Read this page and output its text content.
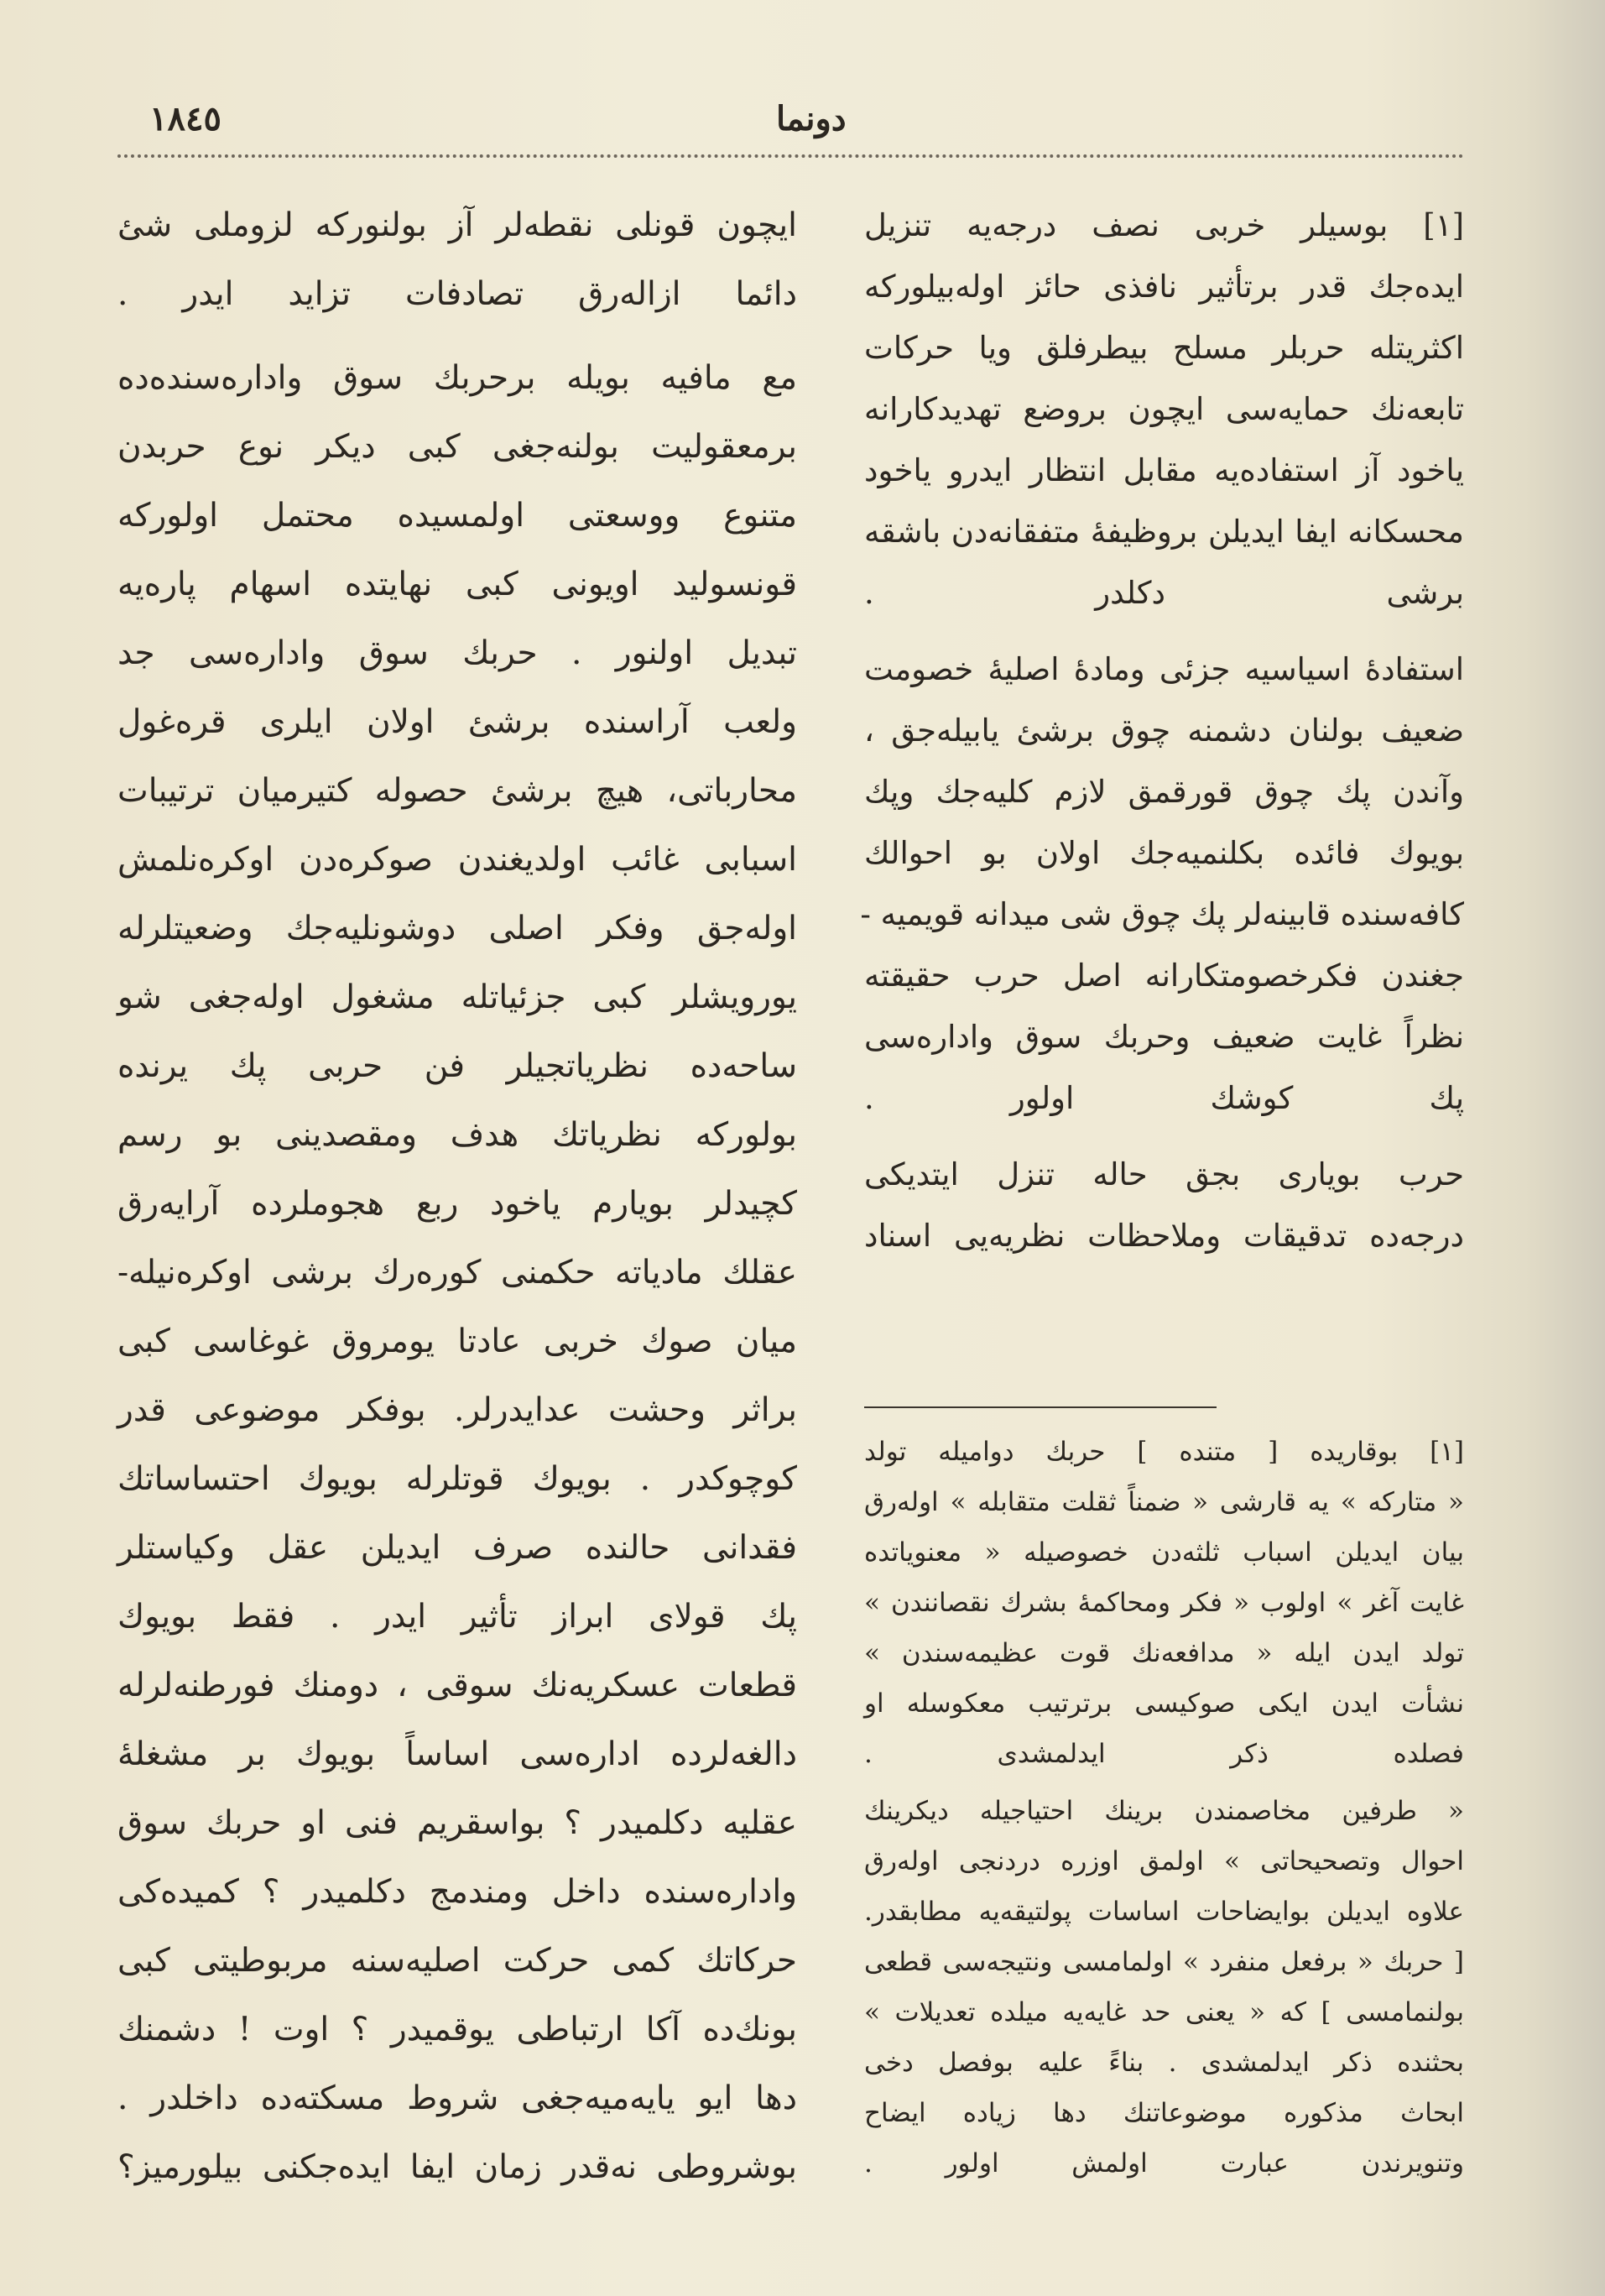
١٨٤٥	دونما
[١] بوسيلر خربى نصف درجه‌يه تنزيل
ايده‌جك قدر برتأثير نافذى حائز اوله‌بيلوركه
اكثريتله حربلر مسلح بيطرفلق ويا حركات
تابعه‌نك حمايه‌سى ايچون بروضع تهديدكارانه
ياخود آز استفاده‌يه مقابل انتظار ايدرو ياخود
محسكانه ايفا ايديلن بروظيفهٔ متفقانه‌دن باشقه
برشى دكلدر .
استفادهٔ اسياسيه جزئى ومادهٔ اصليهٔ خصومت
ضعيف بولنان دشمنه چوق برشئ يابيله‌جق ،
وآندن پك چوق قورقمق لازم كليه‌جك وپك
بويوك فائده بكلنميه‌جك اولان بو احوالك
كافه‌سنده قابينه‌لر پك چوق شى ميدانه قويميه -
جغندن فكرخصومتكارانه اصل حرب حقيقته
نظراً غايت ضعيف وحربك سوق واداره‌سى
پك كوشك اولور .
حرب بويارى بجق حاله تنزل ايتديكى
درجه‌ده تدقيقات وملاحظات نظريه‌يى اسناد
[١] بوقاريده [ متنده ] حربك دواميله تولد
« متاركه » يه قارشى « ضمناً ثقلت متقابله » اوله‌رق
بيان ايديلن اسباب ثلثه‌دن خصوصيله « معنوياتده
غايت آغر » اولوب « فكر ومحاكمهٔ بشرك نقصانندن »
تولد ايدن ايله « مدافعه‌نك قوت عظيمه‌سندن »
نشأت ايدن ايكى صوكيسى برترتيب معكوسله او
فصلده ذكر ايدلمشدى .
« طرفين مخاصمندن برينك احتياجيله ديكرينك
احوال وتصحيحاتى » اولمق اوزره دردنجى اوله‌رق
علاوه ايديلن بوايضاحات اساسات پولتيقه‌يه مطابقدر.
[ حربك « برفعل منفرد » اولمامسى ونتيجه‌سى قطعى
بولنمامسى ] كه « يعنى حد غايه‌يه ميلده تعديلات »
بحثنده ذكر ايدلمشدى . بناءً عليه بوفصل دخى
ابحاث مذكوره موضوعاتنك دها زياده ايضاح
وتنويرندن عبارت اولمش اولور .
ايچون قونلى نقطه‌لر آز بولنوركه لزوملى شئ
دائما ازاله‌رق تصادفات تزايد ايدر .
مع مافيه بويله برحربك سوق واداره‌سنده‌ده
برمعقوليت بولنه‌جغى كبى ديكر نوع حربدن
متنوع ووسعتى اولمسيده محتمل اولوركه
قونسوليد اويونى كبى نهايتده اسهام پاره‌يه
تبديل اولنور . حربك سوق واداره‌سى جد
ولعب آراسنده برشئ اولان ايلرى قره‌غول
محارباتى، هيچ برشئ حصوله كتيرميان ترتيبات
اسبابى غائب اولديغندن صوكره‌دن اوكره‌نلمش
اوله‌جق وفكر اصلى دوشونليه‌جك وضعيتلرله
يورويشلر كبى جزئياتله مشغول اوله‌جغى شو
ساحه‌ده نظرياتجيلر فن حربى پك يرنده
بولوركه نظرياتك هدف ومقصدينى بو رسم
كچيدلر بويارم ياخود ربع هجوملرده آرايه‌رق
عقلك مادياته حكمنى كوره‌رك برشى اوكره‌نيله-
ميان صوك خربى عادتا يومروق غوغاسى كبى
براثر وحشت عدايدرلر. بوفكر موضوعى قدر
كوچوكدر . بويوك قوتلرله بويوك احتساساتك
فقدانى حالنده صرف ايديلن عقل وكياستلر
پك قولاى ابراز تأثير ايدر . فقط بويوك
قطعات عسكريه‌نك سوقى ، دومنك فورطنه‌لرله
دالغه‌لرده اداره‌سى اساساً بويوك بر مشغلهٔ
عقليه دكلميدر ؟ بواسقريم فنى او حربك سوق
واداره‌سنده داخل ومندمج دكلميدر ؟ كميده‌كى
حركاتك كمى حركت اصليه‌سنه مربوطيتى كبى
بونك‌ده آكا ارتباطى يوقميدر ؟ اوت ! دشمنك
دها ايو يايه‌ميه‌جغى شروط مسكته‌ده داخلدر .
بوشروطى نه‌قدر زمان ايفا ايده‌جكنى بيلورميز؟
